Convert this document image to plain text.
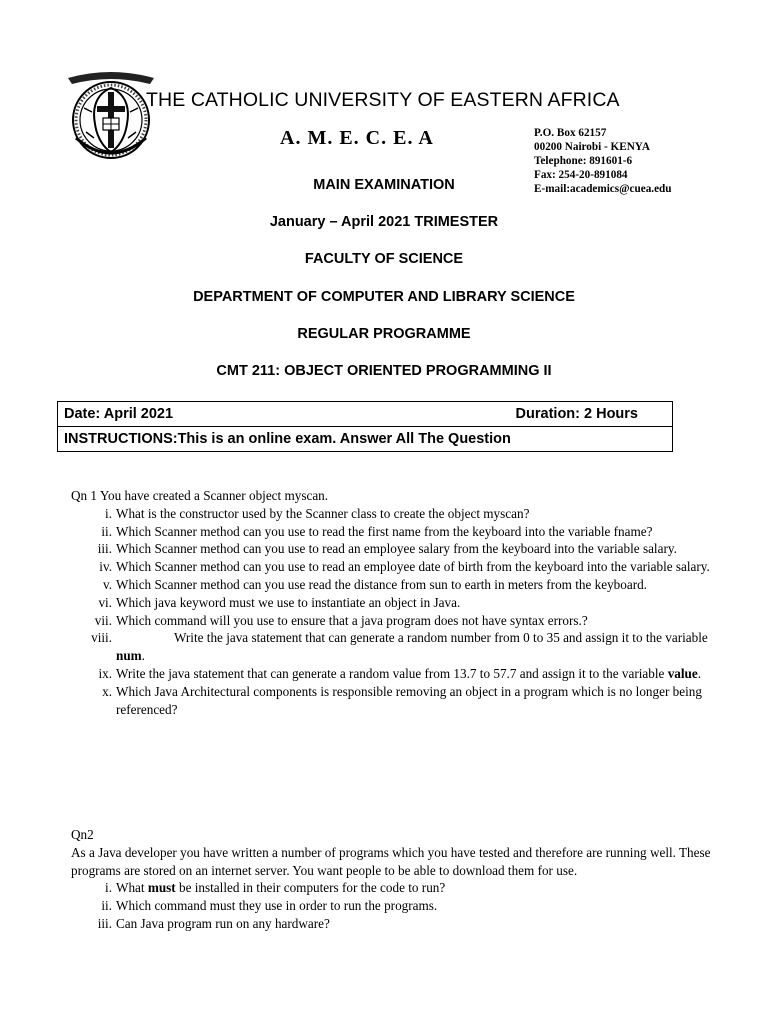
THE CATHOLIC UNIVERSITY OF EASTERN AFRICA
A. M. E. C. E. A	P.O. Box 62157
00200 Nairobi - KENYA
Telephone: 891601-6
Fax: 254-20-891084
E-mail:academics@cuea.edu
MAIN EXAMINATION
January – April 2021 TRIMESTER
FACULTY OF SCIENCE
DEPARTMENT OF COMPUTER AND LIBRARY SCIENCE
REGULAR PROGRAMME
CMT 211: OBJECT ORIENTED PROGRAMMING II
Date: April 2021	Duration: 2 Hours

INSTRUCTIONS:This is an online exam. Answer All The Question
Qn 1 You have created a Scanner object myscan.
i. What is the constructor used by the Scanner class to create the object myscan?
ii. Which Scanner method can you use to read the first name from the keyboard into the variable fname?
iii. Which Scanner method can you use to read an employee salary from the keyboard into the variable salary.
iv. Which Scanner method can you use to read an employee date of birth from the keyboard into the variable salary.
v. Which Scanner method can you use read the distance from sun to earth in meters from the keyboard.
vi. Which java keyword must we use to instantiate an object in Java.
vii. Which command will you use to ensure that a java program does not have syntax errors.?
viii.	Write the java statement that can generate a random number from 0 to 35 and assign it to the variable num.
ix. Write the java statement that can generate a random value from 13.7 to 57.7 and assign it to the variable value.
x. Which Java Architectural components is responsible removing an object in a program which is no longer being referenced?
Qn2
As a Java developer you have written a number of programs which you have tested and therefore are running well. These programs are stored on an internet server. You want people to be able to download them for use.
i. What must be installed in their computers for the code to run?
ii. Which command must they use in order to run the programs.
iii. Can Java program run on any hardware?
